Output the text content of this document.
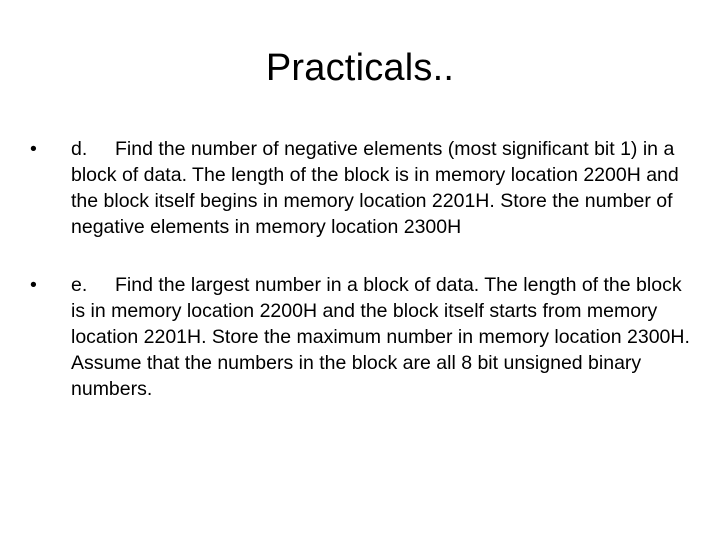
Practicals..
•	d. Find the number of negative elements (most significant bit 1) in a block of data. The length of the block is in memory location 2200H and the block itself begins in memory location 2201H. Store the number of negative elements in memory location 2300H
•	e. Find the largest number in a block of data. The length of the block is in memory location 2200H and the block itself starts from memory location 2201H. Store the maximum number in memory location 2300H. Assume that the numbers in the block are all 8 bit unsigned binary numbers.
